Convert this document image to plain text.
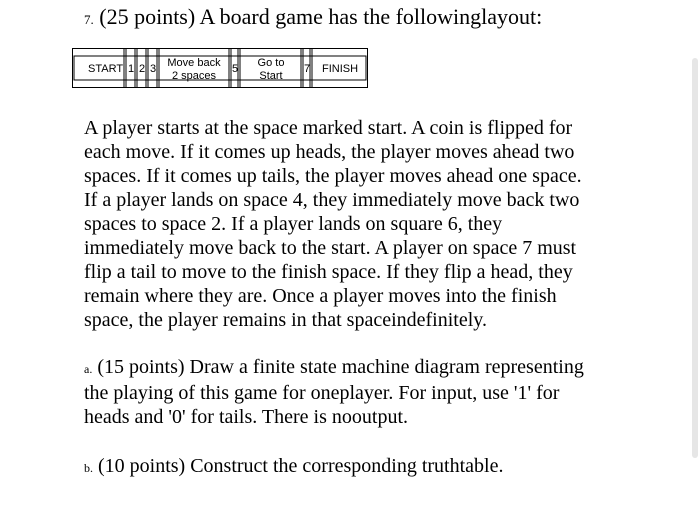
7. (25 points) A board game has the followinglayout:
START 1 2 3	Move back
2 spaces
5	Go to
Start
7	FINISH
A player starts at the space marked start. A coin is flipped for
each move. If it comes up heads, the player moves ahead two
spaces. If it comes up tails, the player moves ahead one space.
If a player lands on space 4, they immediately move back two
spaces to space 2. If a player lands on square 6, they
immediately move back to the start. A player on space 7 must
flip a tail to move to the finish space. If they flip a head, they
remain where they are. Once a player moves into the finish
space, the player remains in that spaceindefinitely.
a. (15 points) Draw a finite state machine diagram representing
the playing of this game for oneplayer. For input, use '1' for
heads and '0' for tails. There is nooutput.
b. (10 points) Construct the corresponding truthtable.
